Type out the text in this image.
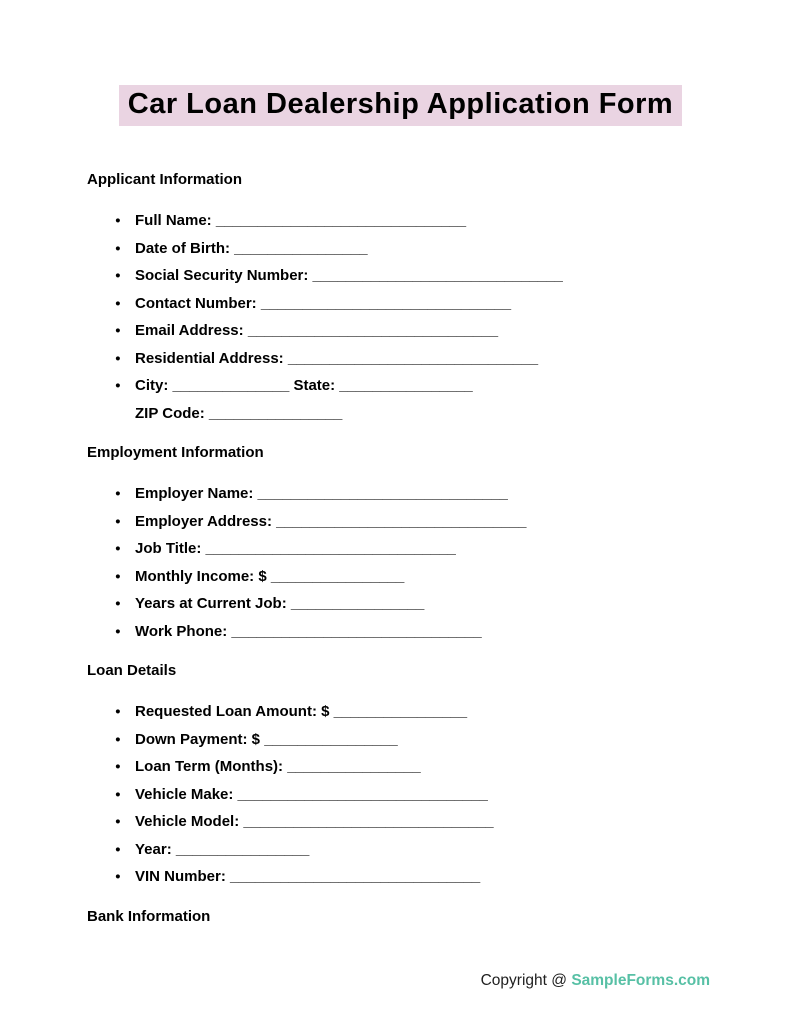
Car Loan Dealership Application Form
Applicant Information
● Full Name: ______________________________
● Date of Birth: ________________
● Social Security Number: ______________________________
● Contact Number: ______________________________
● Email Address: ______________________________
● Residential Address: ______________________________
● City: ______________ State: ________________
ZIP Code: ________________
Employment Information
● Employer Name: ______________________________
● Employer Address: ______________________________
● Job Title: ______________________________
● Monthly Income: $ ________________
● Years at Current Job: ________________
● Work Phone: ______________________________
Loan Details
● Requested Loan Amount: $ ________________
● Down Payment: $ ________________
● Loan Term (Months): ________________
● Vehicle Make: ______________________________
● Vehicle Model: ______________________________
● Year: ________________
● VIN Number: ______________________________
Bank Information
Copyright @ SampleForms.com
